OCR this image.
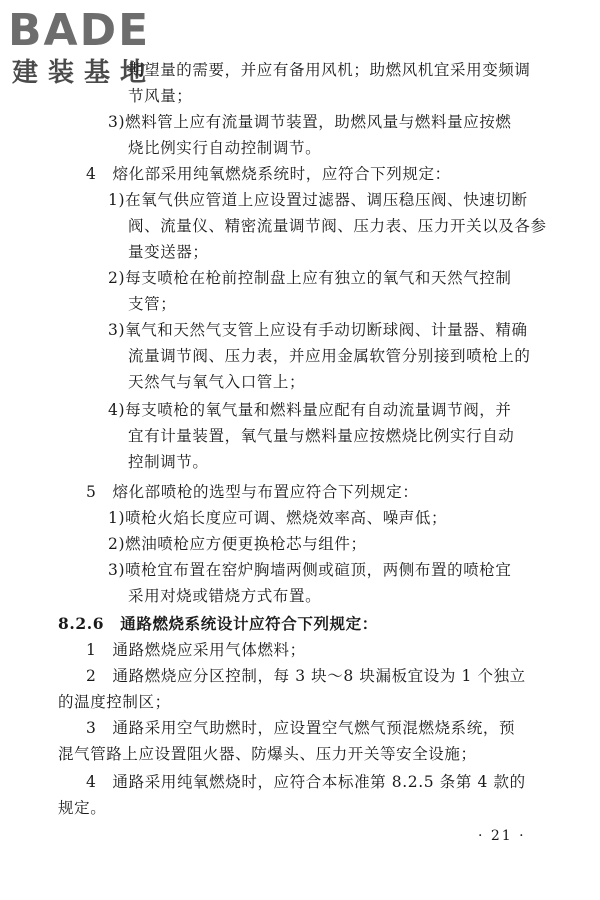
BADE
建装基地
期望量的需要，并应有备用风机；助燃风机宜采用变频调
节风量；
3)燃料管上应有流量调节装置，助燃风量与燃料量应按燃
烧比例实行自动控制调节。
4　熔化部采用纯氧燃烧系统时，应符合下列规定：
1)在氧气供应管道上应设置过滤器、调压稳压阀、快速切断
阀、流量仪、精密流量调节阀、压力表、压力开关以及各参
量变送器；
2)每支喷枪在枪前控制盘上应有独立的氧气和天然气控制
支管；
3)氧气和天然气支管上应设有手动切断球阀、计量器、精确
流量调节阀、压力表，并应用金属软管分别接到喷枪上的
天然气与氧气入口管上；
4)每支喷枪的氧气量和燃料量应配有自动流量调节阀，并
宜有计量装置，氧气量与燃料量应按燃烧比例实行自动
控制调节。
5　熔化部喷枪的选型与布置应符合下列规定：
1)喷枪火焰长度应可调、燃烧效率高、噪声低；
2)燃油喷枪应方便更换枪芯与组件；
3)喷枪宜布置在窑炉胸墙两侧或碹顶，两侧布置的喷枪宜
采用对烧或错烧方式布置。
8.2.6　通路燃烧系统设计应符合下列规定：
1　通路燃烧应采用气体燃料；
2　通路燃烧应分区控制，每 3 块～8 块漏板宜设为 1 个独立
的温度控制区；
3　通路采用空气助燃时，应设置空气燃气预混燃烧系统，预
混气管路上应设置阻火器、防爆头、压力开关等安全设施；
4　通路采用纯氧燃烧时，应符合本标准第 8.2.5 条第 4 款的
规定。
· 21 ·
